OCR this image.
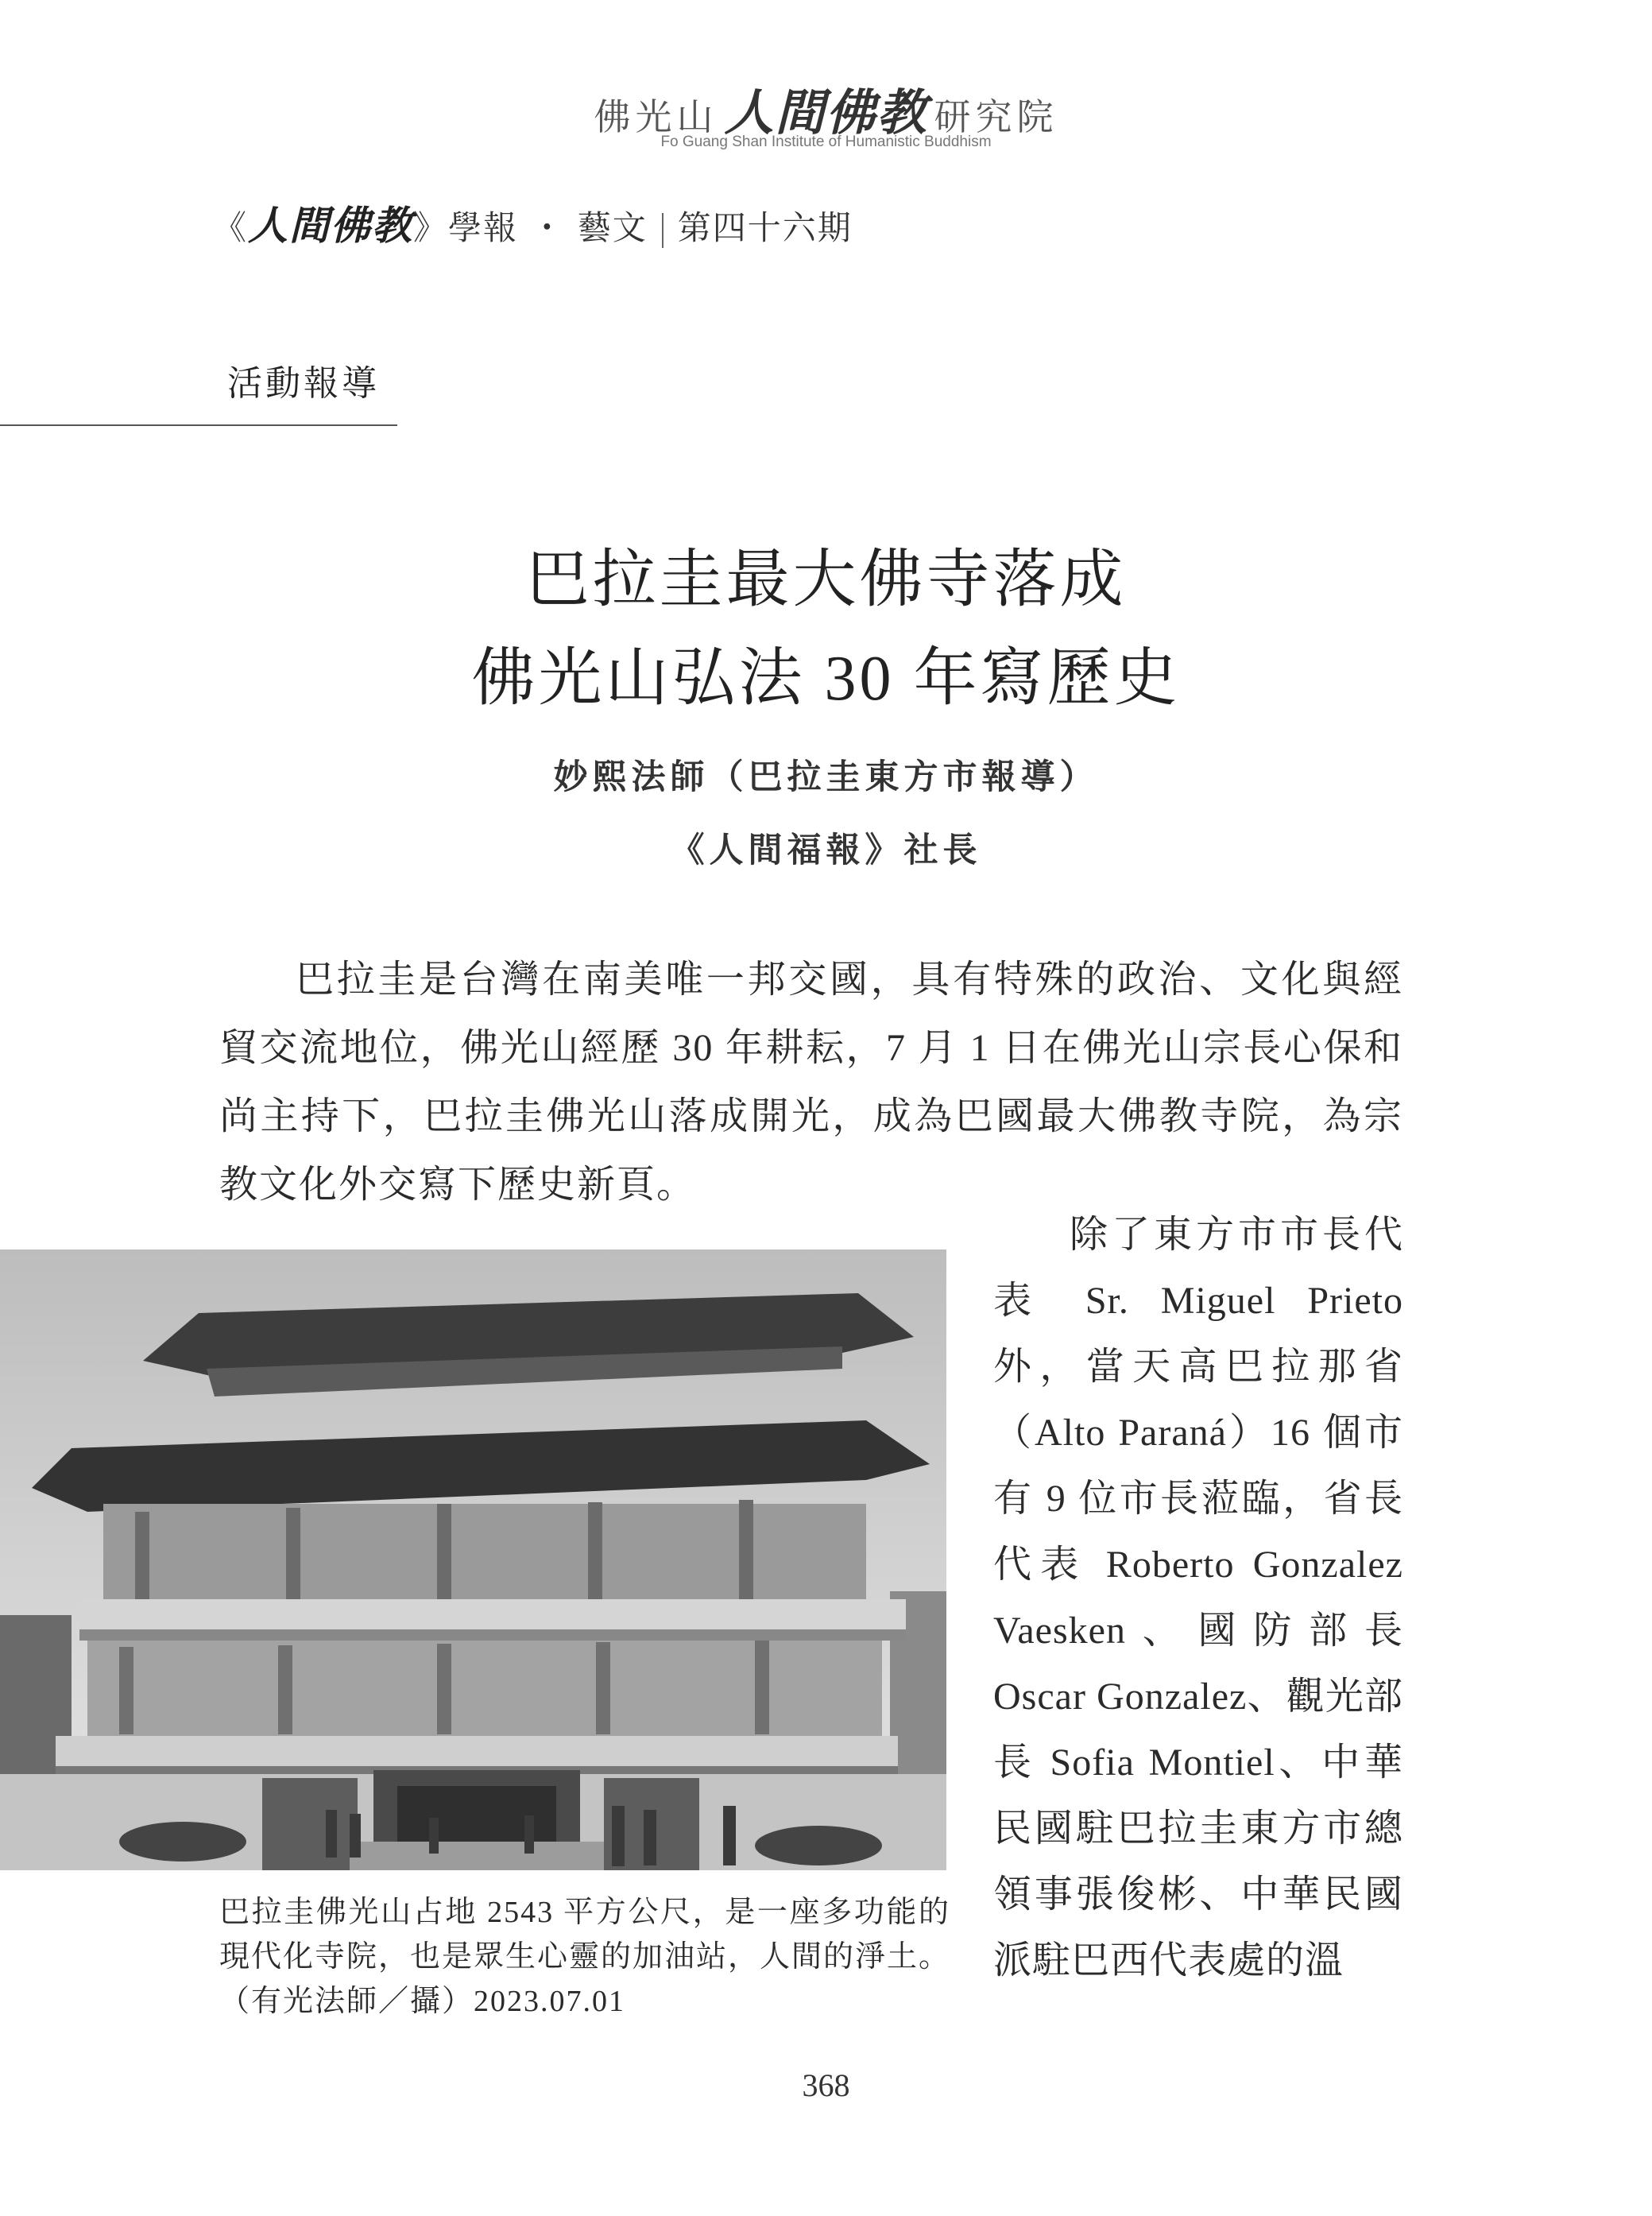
佛光山 人間佛教 研究院
Fo Guang Shan Institute of Humanistic Buddhism
《人間佛教》學報 ・ 藝文 第四十六期
活動報導
巴拉圭最大佛寺落成
佛光山弘法 30 年寫歷史
妙熙法師（巴拉圭東方市報導）
《人間福報》社長
巴拉圭是台灣在南美唯一邦交國，具有特殊的政治、文化與經貿交流地位，佛光山經歷 30 年耕耘，7 月 1 日在佛光山宗長心保和尚主持下，巴拉圭佛光山落成開光，成為巴國最大佛教寺院，為宗教文化外交寫下歷史新頁。
除了東方市市長代表 Sr. Miguel Prieto 外，當天高巴拉那省（Alto Paraná）16 個市有 9 位市長蒞臨，省長代表 Roberto Gonzalez Vaesken、國防部長 Oscar Gonzalez、觀光部長 Sofia Montiel、中華民國駐巴拉圭東方市總領事張俊彬、中華民國派駐巴西代表處的溫
巴拉圭佛光山占地 2543 平方公尺，是一座多功能的現代化寺院，也是眾生心靈的加油站，人間的淨土。（有光法師／攝）2023.07.01
368
